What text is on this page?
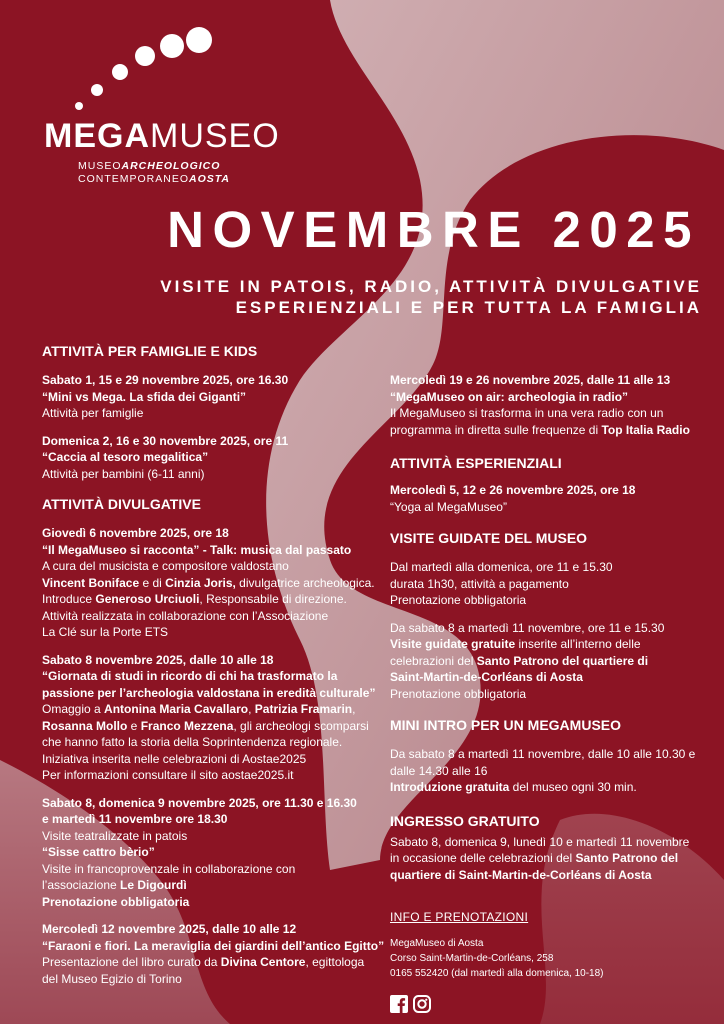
MEGAMUSEO
MUSEOARCHEOLOGICO
CONTEMPORANEOAOSTA
NOVEMBRE 2025
VISITE IN PATOIS, RADIO, ATTIVITÀ DIVULGATIVE
ESPERIENZIALI E PER TUTTA LA FAMIGLIA
ATTIVITÀ PER FAMIGLIE E KIDS

Sabato 1, 15 e 29 novembre 2025, ore 16.30

“Mini vs Mega. La sfida dei Giganti”

Attività per famiglie

Domenica 2, 16 e 30 novembre 2025, ore 11

“Caccia al tesoro megalitica”

Attività per bambini (6-11 anni)

ATTIVITÀ DIVULGATIVE

Giovedì 6 novembre 2025, ore 18

“Il MegaMuseo si racconta” - Talk: musica dal passato

A cura del musicista e compositore valdostano

Vincent Boniface e di Cinzia Joris, divulgatrice archeologica.

Introduce Generoso Urciuoli, Responsabile di direzione.

Attività realizzata in collaborazione con l’Associazione

La Clé sur la Porte ETS

Sabato 8 novembre 2025, dalle 10 alle 18

“Giornata di studi in ricordo di chi ha trasformato la

passione per l’archeologia valdostana in eredità culturale”

Omaggio a Antonina Maria Cavallaro, Patrizia Framarin,

Rosanna Mollo e Franco Mezzena, gli archeologi scomparsi

che hanno fatto la storia della Soprintendenza regionale.

Iniziativa inserita nelle celebrazioni di Aostae2025

Per informazioni consultare il sito aostae2025.it

Sabato 8, domenica 9 novembre 2025, ore 11.30 e 16.30

e martedì 11 novembre ore 18.30

Visite teatralizzate in patois

“Sisse cattro bèrio”

Visite in francoprovenzale in collaborazione con

l’associazione Le Digourdì

Prenotazione obbligatoria

Mercoledì 12 novembre 2025, dalle 10 alle 12

“Faraoni e fiori. La meraviglia dei giardini dell’antico Egitto”

Presentazione del libro curato da Divina Centore, egittologa

del Museo Egizio di Torino

Mercoledì 19 e 26 novembre 2025, dalle 11 alle 13

“MegaMuseo on air: archeologia in radio”

Il MegaMuseo si trasforma in una vera radio con un

programma in diretta sulle frequenze di Top Italia Radio

ATTIVITÀ ESPERIENZIALI

Mercoledì 5, 12 e 26 novembre 2025, ore 18

“Yoga al MegaMuseo”

VISITE GUIDATE DEL MUSEO

Dal martedì alla domenica, ore 11 e 15.30

durata 1h30, attività a pagamento

Prenotazione obbligatoria

Da sabato 8 a martedì 11 novembre, ore 11 e 15.30

Visite guidate gratuite inserite all’interno delle

celebrazioni del Santo Patrono del quartiere di

Saint-Martin-de-Corléans di Aosta

Prenotazione obbligatoria

MINI INTRO PER UN MEGAMUSEO

Da sabato 8 a martedì 11 novembre, dalle 10 alle 10.30 e

dalle 14.30 alle 16

Introduzione gratuita del museo ogni 30 min.

INGRESSO GRATUITO

Sabato 8, domenica 9, lunedì 10 e martedì 11 novembre

in occasione delle celebrazioni del Santo Patrono del

quartiere di Saint-Martin-de-Corléans di Aosta

INFO E PRENOTAZIONI

MegaMuseo di Aosta
Corso Saint-Martin-de-Corléans, 258
0165 552420 (dal martedì alla domenica, 10-18)
